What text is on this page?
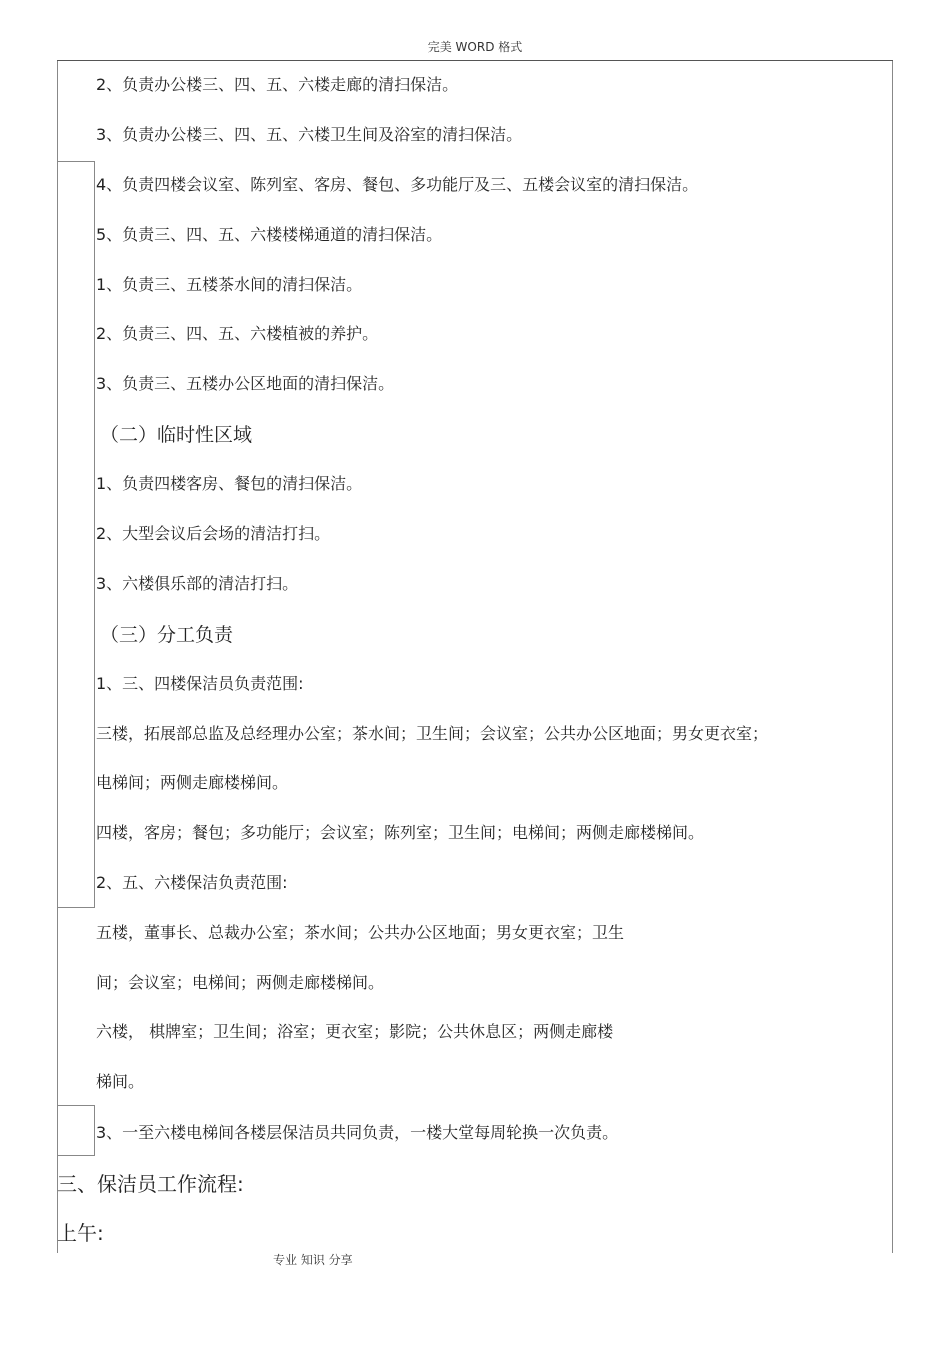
完美 WORD 格式
2、负责办公楼三、四、五、六楼走廊的清扫保洁。
3、负责办公楼三、四、五、六楼卫生间及浴室的清扫保洁。
4、负责四楼会议室、陈列室、客房、餐包、多功能厅及三、五楼会议室的清扫保洁。
5、负责三、四、五、六楼楼梯通道的清扫保洁。
1、负责三、五楼茶水间的清扫保洁。
2、负责三、四、五、六楼植被的养护。
3、负责三、五楼办公区地面的清扫保洁。
（二）临时性区域
1、负责四楼客房、餐包的清扫保洁。
2、大型会议后会场的清洁打扫。
3、六楼俱乐部的清洁打扫。
（三）分工负责
1、三、四楼保洁员负责范围:
三楼，拓展部总监及总经理办公室；茶水间；卫生间；会议室；公共办公区地面；男女更衣室；
电梯间；两侧走廊楼梯间。
四楼，客房；餐包；多功能厅；会议室；陈列室；卫生间；电梯间；两侧走廊楼梯间。
2、五、六楼保洁负责范围:
五楼，董事长、总裁办公室；茶水间；公共办公区地面；男女更衣室；卫生
间；会议室；电梯间；两侧走廊楼梯间。
六楼， 棋牌室；卫生间；浴室；更衣室；影院；公共休息区；两侧走廊楼
梯间。
3、一至六楼电梯间各楼层保洁员共同负责，一楼大堂每周轮换一次负责。
三、保洁员工作流程:
上午:
专业 知识 分享
